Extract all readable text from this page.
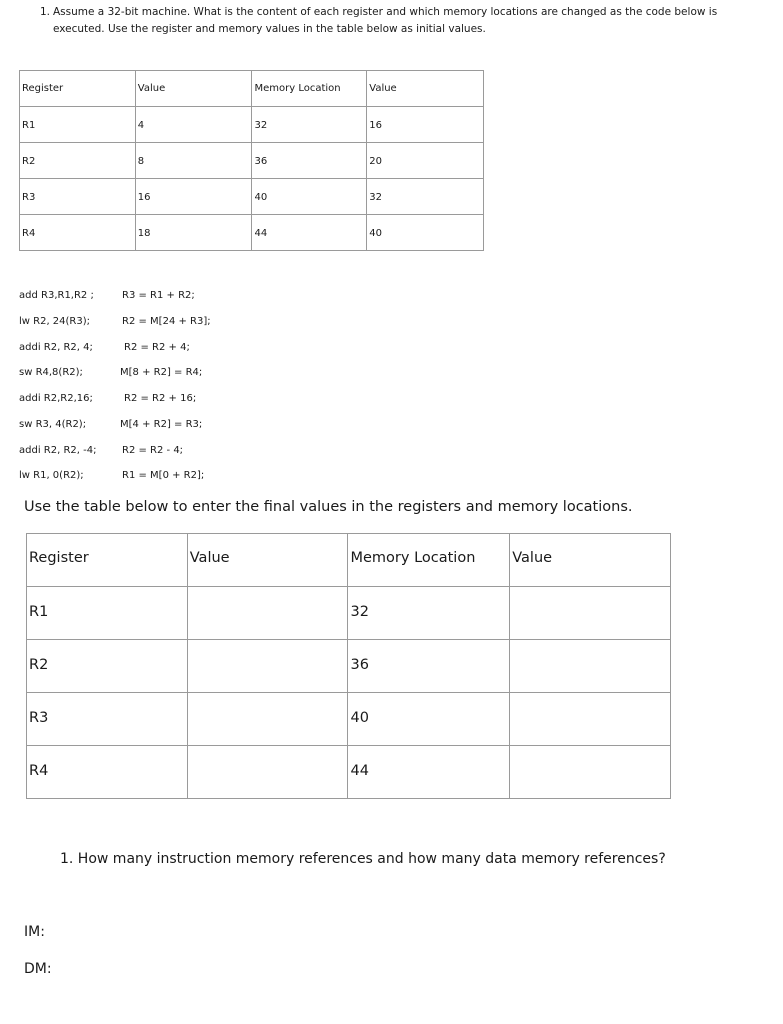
1. Assume a 32-bit machine. What is the content of each register and which memory locations are changed as the code below is executed. Use the register and memory values in the table below as initial values.
Register	Value	Memory Location	Value
R1	4	32	16
R2	8	36	20
R3	16	40	32
R4	18	44	40
add R3,R1,R2 ;	R3 = R1 + R2;
lw R2, 24(R3);	R2 = M[24 + R3];
addi R2, R2, 4;	R2 = R2 + 4;
sw R4,8(R2);	M[8 + R2] = R4;
addi R2,R2,16;	R2 = R2 + 16;
sw R3, 4(R2);	M[4 + R2] = R3;
addi R2, R2, -4;	R2 = R2 - 4;
lw R1, 0(R2);	R1 = M[0 + R2];

Use the table below to enter the final values in the registers and memory locations.

Register	Value	Memory Location	Value
R1		32	
R2		36	
R3		40	
R4		44	

1. How many instruction memory references and how many data memory references?

IM:
DM:
